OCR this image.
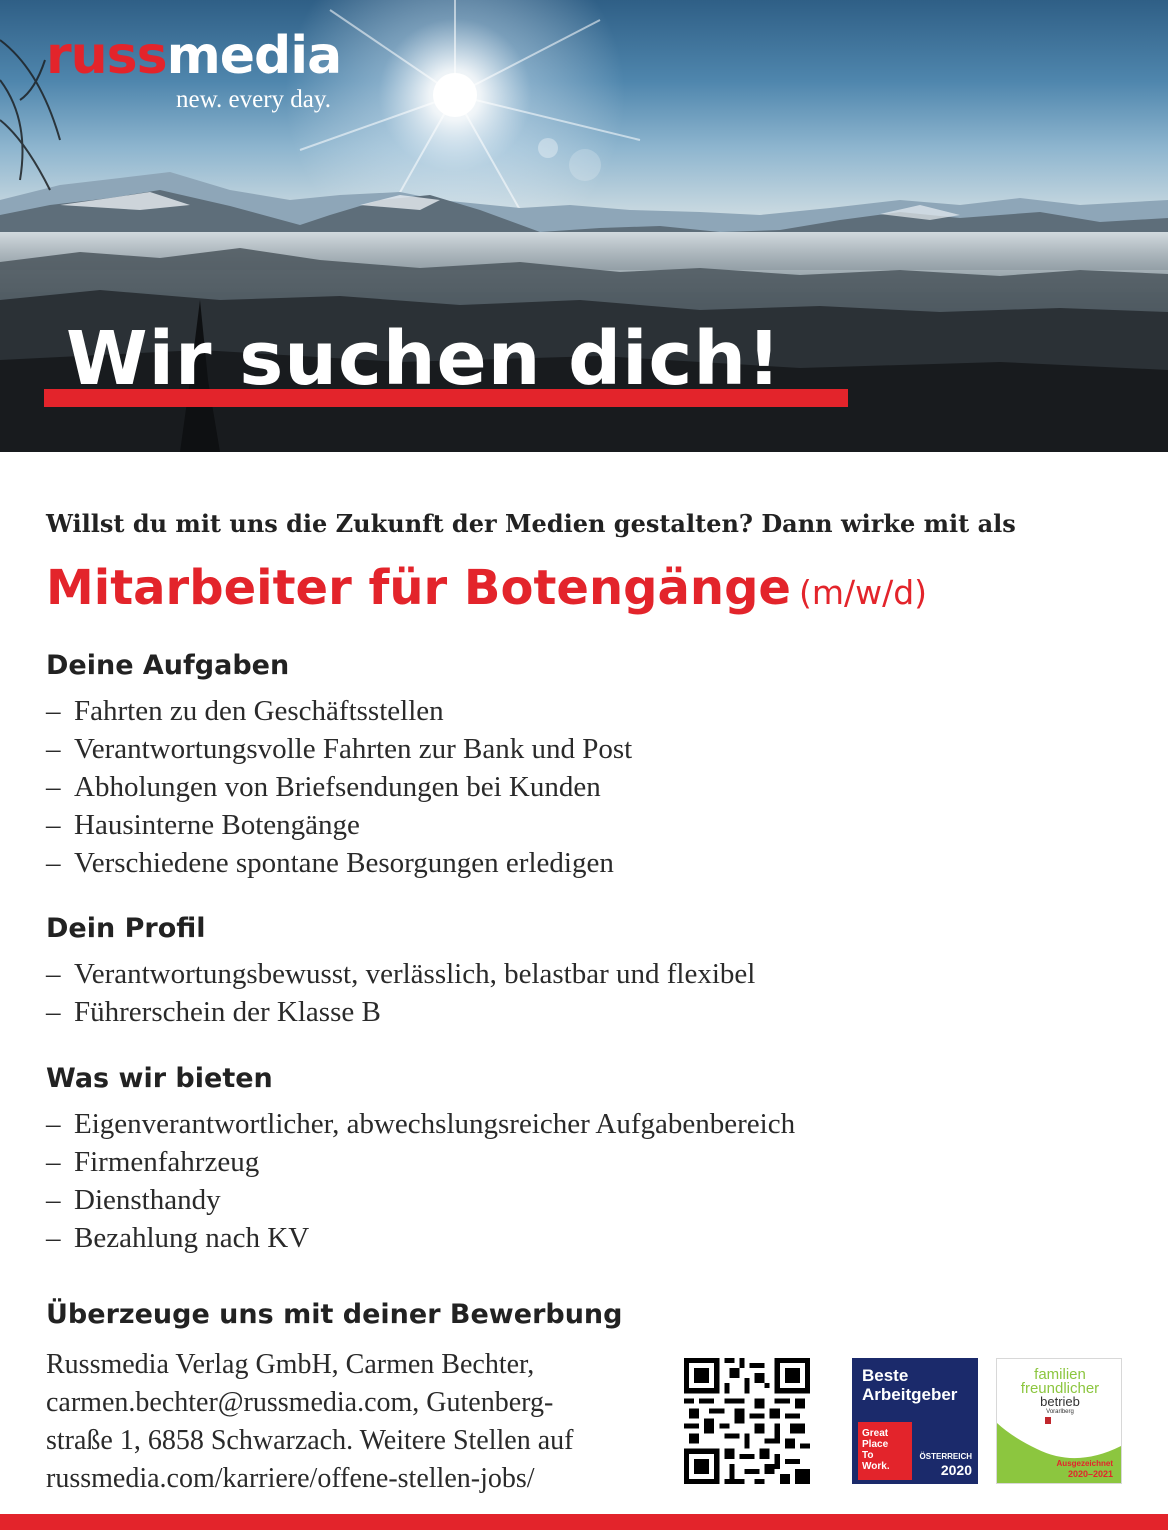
russmedia
new. every day.
Wir suchen dich!
Willst du mit uns die Zukunft der Medien gestalten? Dann wirke mit als
Mitarbeiter für Botengänge (m/w/d)
Deine Aufgaben
– Fahrten zu den Geschäftsstellen
– Verantwortungsvolle Fahrten zur Bank und Post
– Abholungen von Briefsendungen bei Kunden
– Hausinterne Botengänge
– Verschiedene spontane Besorgungen erledigen
Dein Profil
– Verantwortungsbewusst, verlässlich, belastbar und flexibel
– Führerschein der Klasse B
Was wir bieten
– Eigenverantwortlicher, abwechslungsreicher Aufgabenbereich
– Firmenfahrzeug
– Diensthandy
– Bezahlung nach KV
Überzeuge uns mit deiner Bewerbung
Russmedia Verlag GmbH, Carmen Bechter,
carmen.bechter@russmedia.com, Gutenberg-
straße 1, 6858 Schwarzach. Weitere Stellen auf
russmedia.com/karriere/offene-stellen-jobs/
Beste
Arbeitgeber
Great
Place
To
Work.
ÖSTERREICH
2020
familien
freundlicher
betrieb
Vorarlberg
Ausgezeichnet
2020–2021
